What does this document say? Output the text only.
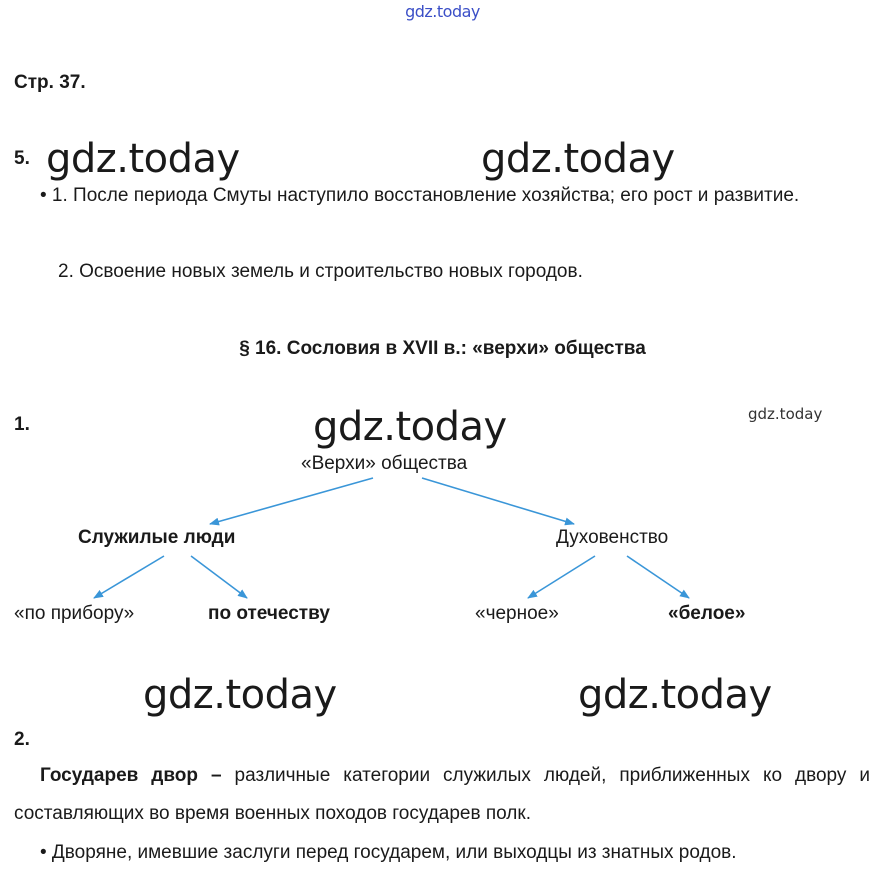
gdz.today
Стр. 37.
5. gdz.today	gdz.today
• 1. После периода Смуты наступило восстановление хозяйства; его рост и развитие.
2. Освоение новых земель и строительство новых городов.
§ 16. Сословия в XVII в.: «верхи» общества
1.	gdz.today	gdz.today
«Верхи» общества
Служилые люди	Духовенство
«по прибору»	по отечеству	«черное»	«белое»
gdz.today	gdz.today
2.
Государев двор – различные категории служилых людей, приближенных ко двору и составляющих во время военных походов государев полк.
• Дворяне, имевшие заслуги перед государем, или выходцы из знатных родов.
